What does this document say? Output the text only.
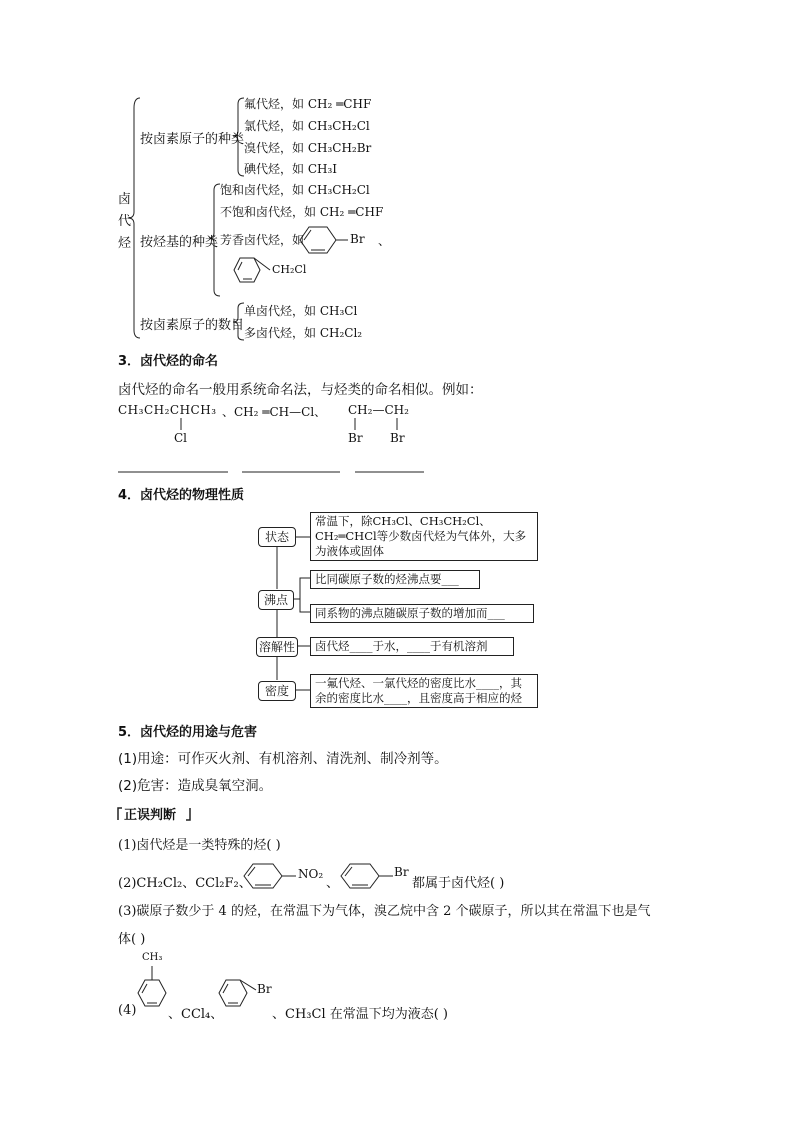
卤
代
烃
按卤素原子的种类
氟代烃，如 CH₂ ═CHF
氯代烃，如 CH₃CH₂Cl
溴代烃，如 CH₃CH₂Br
碘代烃，如 CH₃I
按烃基的种类
饱和卤代烃，如 CH₃CH₂Cl
不饱和卤代烃，如 CH₂ ═CHF
芳香卤代烃，如	Br 、
CH₂Cl
按卤素原子的数目
单卤代烃，如 CH₃Cl
多卤代烃，如 CH₂Cl₂
3．卤代烃的命名
卤代烃的命名一般用系统命名法，与烃类的命名相似。例如：
CH₃CH₂CHCH₃
Cl
、CH₂ ═CH—Cl、 CH₂—CH₂
Br Br
4．卤代烃的物理性质
状态
常温下，除CH₃Cl、CH₃CH₂Cl、CH₂═CHCl等少数卤代烃为气体外，大多为液体或固体
沸点
比同碳原子数的烃沸点要___
同系物的沸点随碳原子数的增加而___
溶解性	卤代烃____于水，____于有机溶剂
密度
一氟代烃、一氯代烃的密度比水____，其余的密度比水____，且密度高于相应的烃
5．卤代烃的用途与危害
(1)用途：可作灭火剂、有机溶剂、清洗剂、制冷剂等。
(2)危害：造成臭氧空洞。
正误判断
(1)卤代烃是一类特殊的烃( )
(2)CH₂Cl₂、CCl₂F₂、
NO₂
、
Br
都属于卤代烃( )
(3)碳原子数少于 4 的烃，在常温下为气体，溴乙烷中含 2 个碳原子，所以其在常温下也是气
体( )
CH₃
Br
(4) 、CCl₄、	、CH₃Cl 在常温下均为液态( )
